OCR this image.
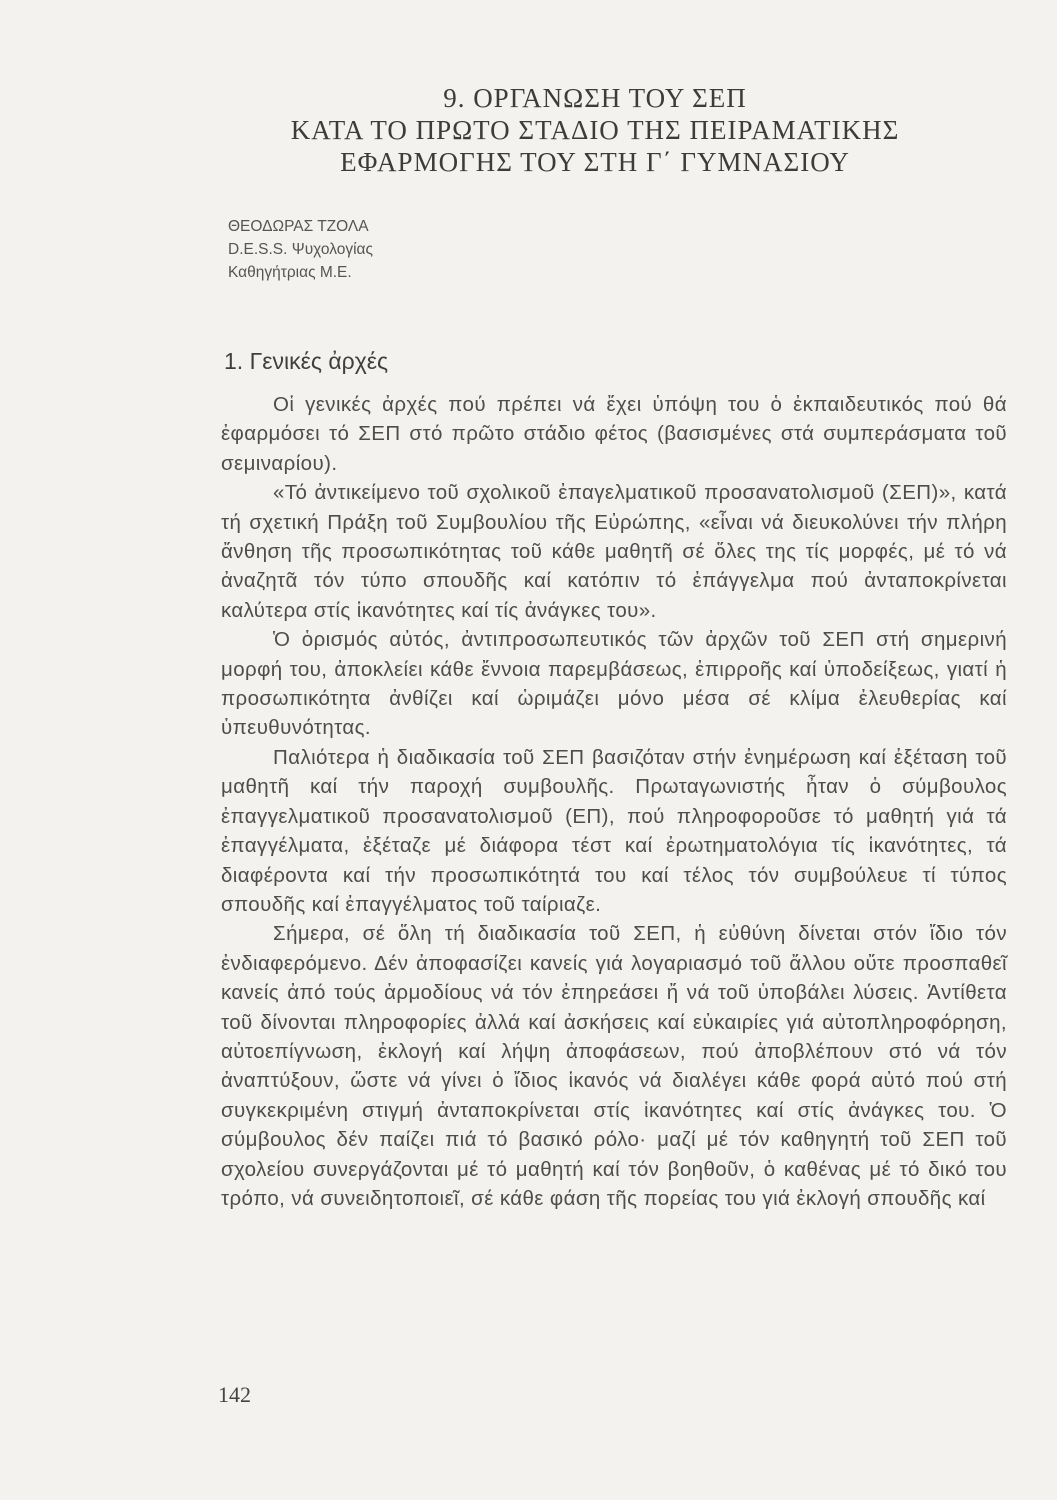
9. ΟΡΓΑΝΩΣΗ ΤΟΥ ΣΕΠ
ΚΑΤΑ ΤΟ ΠΡΩΤΟ ΣΤΑΔΙΟ ΤΗΣ ΠΕΙΡΑΜΑΤΙΚΗΣ
ΕΦΑΡΜΟΓΗΣ ΤΟΥ ΣΤΗ Γ΄ ΓΥΜΝΑΣΙΟΥ
ΘΕΟΔΩΡΑΣ ΤΖΟΛΑ
D.E.S.S. Ψυχολογίας
Καθηγήτριας Μ.Ε.
1. Γενικές ἀρχές

Οἱ γενικές ἀρχές πού πρέπει νά ἔχει ὑπόψη του ὁ ἐκπαιδευτικός πού θά ἐφαρμόσει τό ΣΕΠ στό πρῶτο στάδιο φέτος (βασισμένες στά συμπεράσματα τοῦ σεμιναρίου).

«Τό ἀντικείμενο τοῦ σχολικοῦ ἐπαγελματικοῦ προσανατολισμοῦ (ΣΕΠ)», κατά τή σχετική Πράξη τοῦ Συμβουλίου τῆς Εὐρώπης, «εἶναι νά διευκολύνει τήν πλήρη ἄνθηση τῆς προσωπικότητας τοῦ κάθε μαθητῆ σέ ὅλες της τίς μορφές, μέ τό νά ἀναζητᾶ τόν τύπο σπουδῆς καί κατόπιν τό ἐπάγγελμα πού ἀνταποκρίνεται καλύτερα στίς ἱκανότητες καί τίς ἀνάγκες του».

Ὁ ὁρισμός αὐτός, ἀντιπροσωπευτικός τῶν ἀρχῶν τοῦ ΣΕΠ στή σημερινή μορφή του, ἀποκλείει κάθε ἔννοια παρεμβάσεως, ἐπιρροῆς καί ὑποδείξεως, γιατί ἡ προσωπικότητα ἀνθίζει καί ὡριμάζει μόνο μέσα σέ κλίμα ἐλευθερίας καί ὑπευθυνότητας.

Παλιότερα ἡ διαδικασία τοῦ ΣΕΠ βασιζόταν στήν ἐνημέρωση καί ἐξέταση τοῦ μαθητῆ καί τήν παροχή συμβουλῆς. Πρωταγωνιστής ἦταν ὁ σύμβουλος ἐπαγγελματικοῦ προσανατολισμοῦ (ΕΠ), πού πληροφοροῦσε τό μαθητή γιά τά ἐπαγγέλματα, ἐξέταζε μέ διάφορα τέστ καί ἐρωτηματολόγια τίς ἱκανότητες, τά διαφέροντα καί τήν προσωπικότητά του καί τέλος τόν συμβούλευε τί τύπος σπουδῆς καί ἐπαγγέλματος τοῦ ταίριαζε.

Σήμερα, σέ ὅλη τή διαδικασία τοῦ ΣΕΠ, ἡ εὐθύνη δίνεται στόν ἴδιο τόν ἐνδιαφερόμενο. Δέν ἀποφασίζει κανείς γιά λογαριασμό τοῦ ἄλλου οὔτε προσπαθεῖ κανείς ἀπό τούς ἁρμοδίους νά τόν ἐπηρεάσει ἤ νά τοῦ ὑποβάλει λύσεις. Ἀντίθετα τοῦ δίνονται πληροφορίες ἀλλά καί ἀσκήσεις καί εὐκαιρίες γιά αὐτοπληροφόρηση, αὐτοεπίγνωση, ἐκλογή καί λήψη ἀποφάσεων, πού ἀποβλέπουν στό νά τόν ἀναπτύξουν, ὥστε νά γίνει ὁ ἴδιος ἱκανός νά διαλέγει κάθε φορά αὐτό πού στή συγκεκριμένη στιγμή ἀνταποκρίνεται στίς ἱκανότητες καί στίς ἀνάγκες του. Ὁ σύμβουλος δέν παίζει πιά τό βασικό ρόλο· μαζί μέ τόν καθηγητή τοῦ ΣΕΠ τοῦ σχολείου συνεργάζονται μέ τό μαθητή καί τόν βοηθοῦν, ὁ καθένας μέ τό δικό του τρόπο, νά συνειδητοποιεῖ, σέ κάθε φάση τῆς πορείας του γιά ἐκλογή σπουδῆς καί

142
